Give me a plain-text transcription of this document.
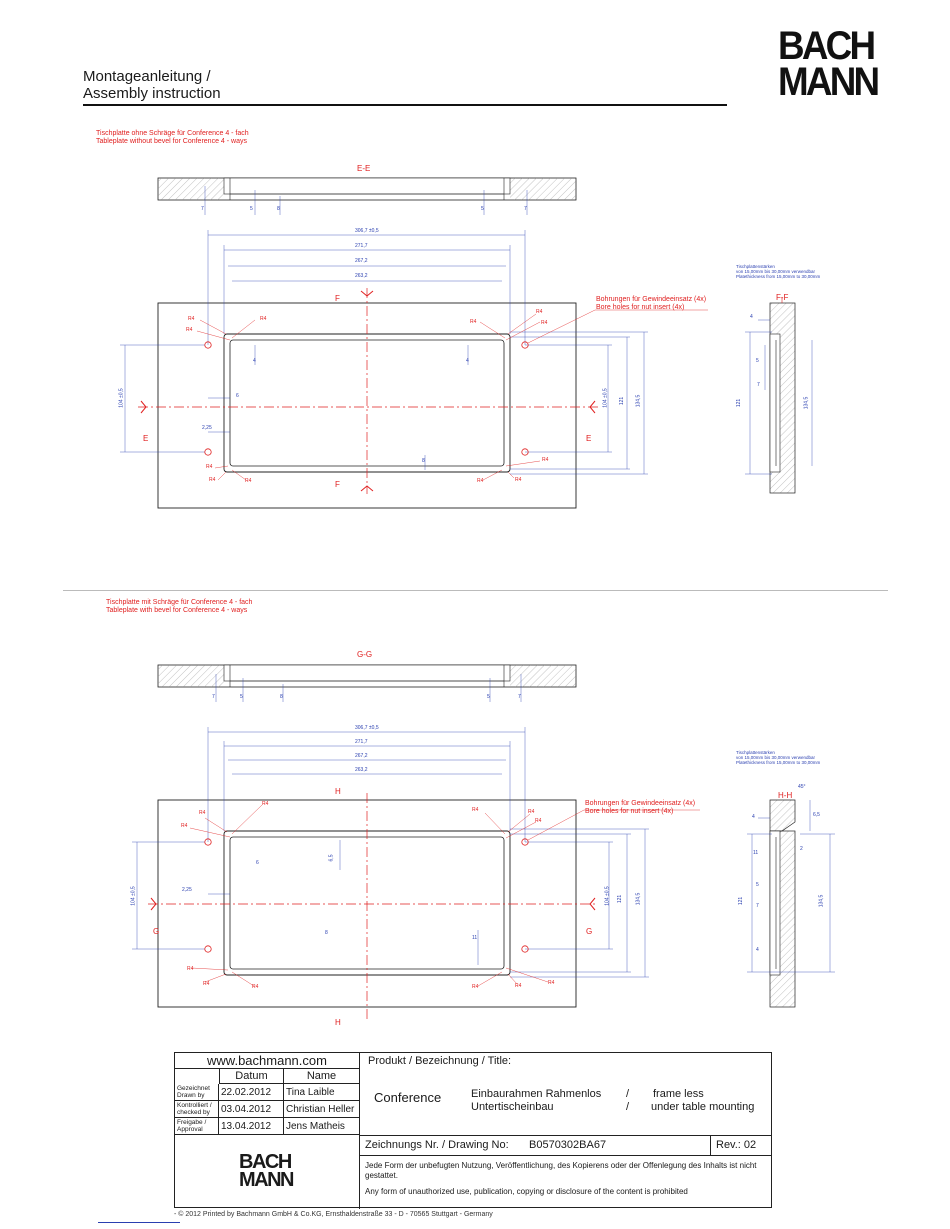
Montageanleitung /
Assembly instruction
BACH
MANN
Tischplatte ohne Schräge für Conference 4 - fach
Tableplate without bevel for Conference 4 - ways
E-E
F-F
E	E
F
F
Bohrungen für Gewindeeinsatz (4x)
Bore holes for nut insert (4x)
Tischplattenstärken
von 15,00mm bis 30,00mm verwendbar
Platethickness from 15,00mm to 30,00mm
306,7 ±0,5
271,7
267,2
263,2
104 ±0,5	104 ±0,5 121 134,5	121	134,5
2,25
6
4
5
7
4	4
8
7	5	8	5	7
R4
R4
R4	R4
R4
R4
R4
R4	R4	R4	R4
R4
Tischplatte mit Schräge für Conference 4 - fach
Tableplate with bevel for Conference 4 - ways
G-G
H-H
G	G
H
H
Bohrungen für Gewindeeinsatz (4x)
Bore holes for nut insert (4x)
Tischplattenstärken
von 15,00mm bis 30,00mm verwendbar
Platethickness from 15,00mm to 30,00mm
306,7 ±0,5
271,7
267,2
263,2
104 ±0,5	104 ±0,5 121 134,5	121	134,5
2,25
6
6,5
8
11
45°
6,5
4
2
11
5
7
4
7	5	8	5	7
R4
R4
R4
R4	R4
R4
R4
R4	R4	R4	R4	R4
www.bachmann.com
Datum	Name
Gezeichnet
Drawn by	22.02.2012	Tina Laible
Kontrolliert /
checked by	03.04.2012	Christian Heller
Freigabe /
Approval	13.04.2012	Jens Matheis
BACH
MANN
Produkt / Bezeichnung / Title:
Conference	Einbaurahmen Rahmenlos
Untertischeinbau
/
/
frame less
under table mounting
Zeichnungs Nr. / Drawing No: B0570302BA67	Rev.: 02
Jede Form der unbefugten Nutzung, Veröffentlichung, des Kopierens oder der Offenlegung des Inhalts ist nicht gestattet.
Any form of unauthorized use, publication, copying or disclosure of the content is prohibited
- © 2012 Printed by Bachmann GmbH & Co.KG, Ernsthaldenstraße 33 - D - 70565 Stuttgart - Germany
